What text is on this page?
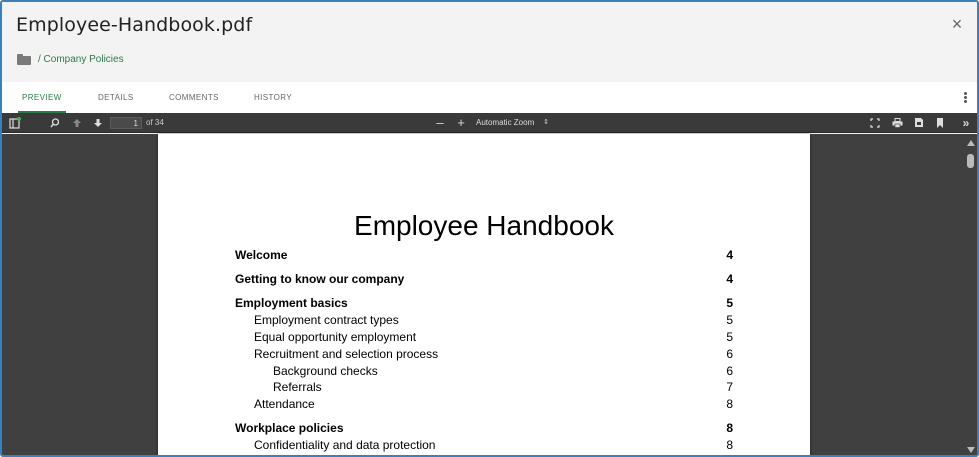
Employee-Handbook.pdf	×
/ Company Policies
PREVIEW	DETAILS	COMMENTS	HISTORY
1
of 34	– +	Automatic Zoom ⇕	»
Employee Handbook
Welcome	4
Getting to know our company	4
Employment basics	5
Employment contract types	5
Equal opportunity employment	5
Recruitment and selection process	6
Background checks	6
Referrals	7
Attendance	8
Workplace policies	8
Confidentiality and data protection	8
